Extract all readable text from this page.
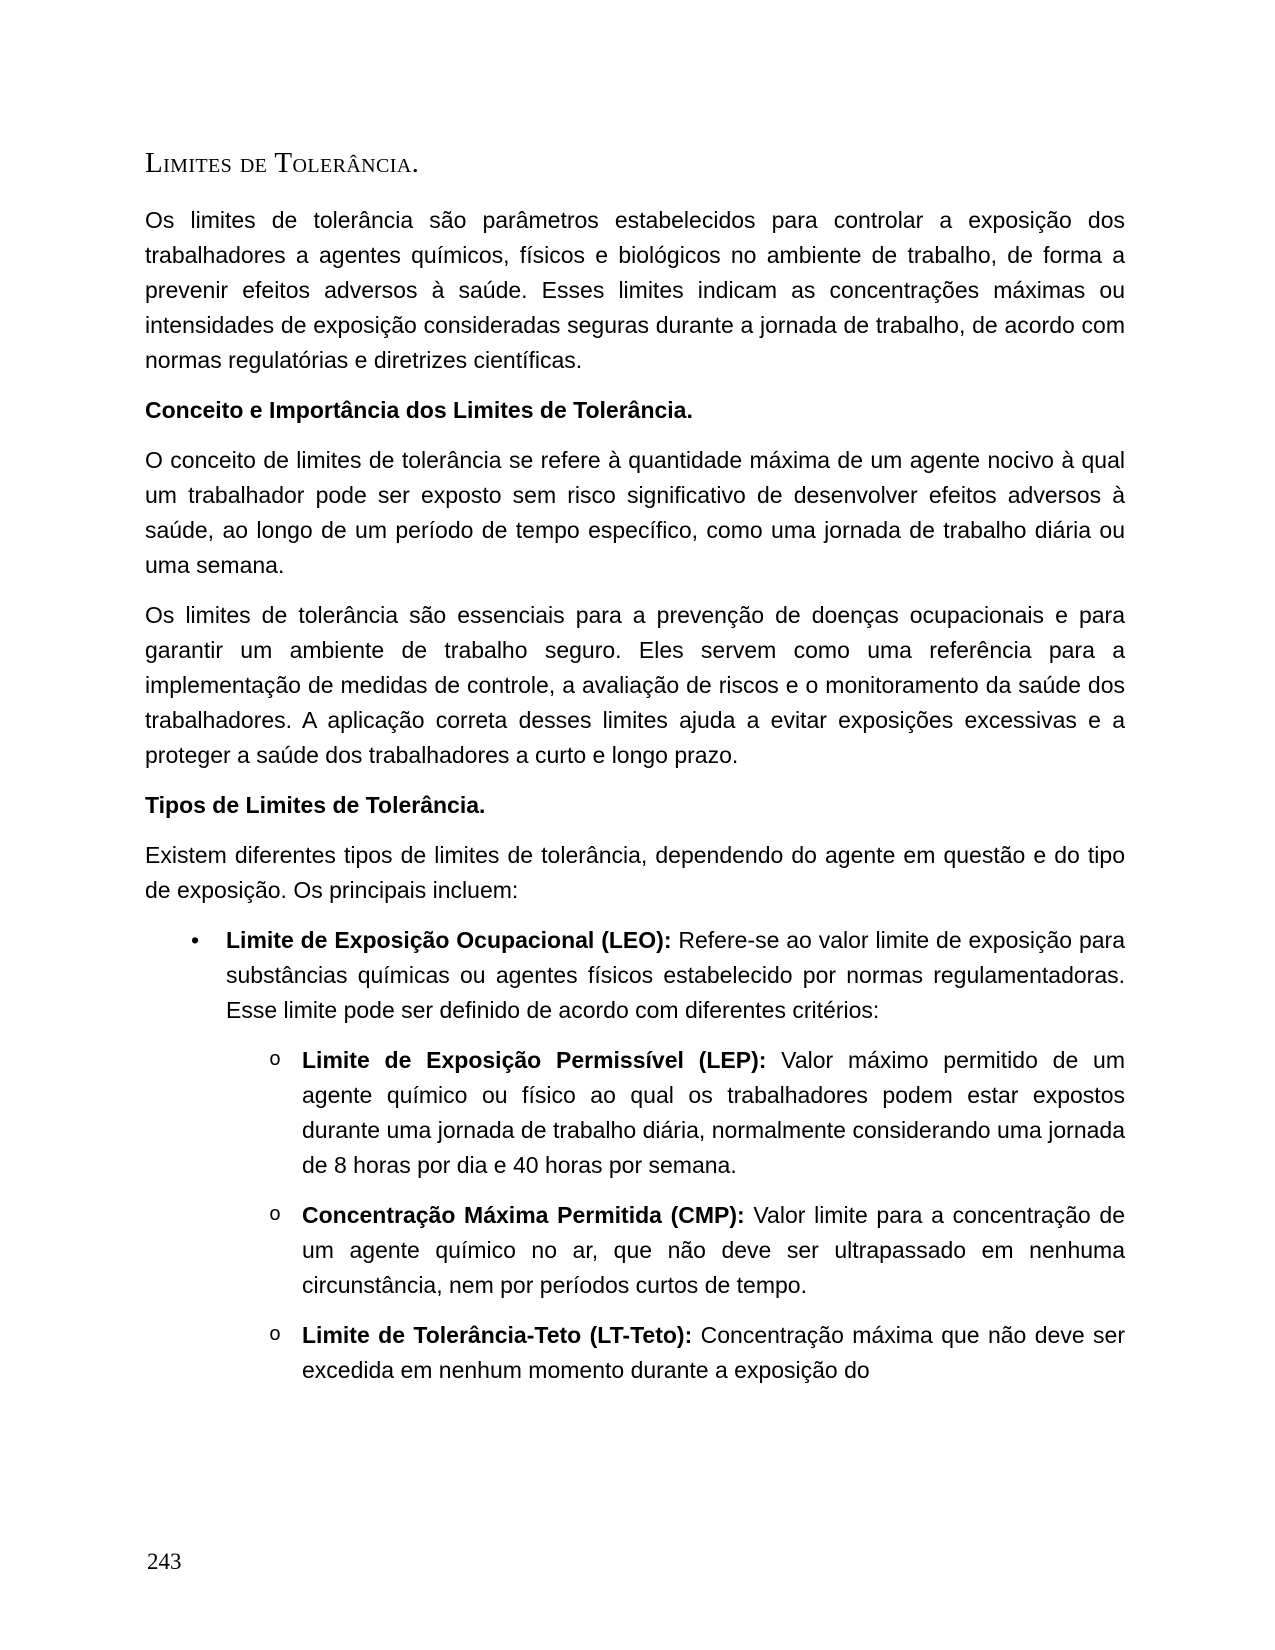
Limites de Tolerância.

Os limites de tolerância são parâmetros estabelecidos para controlar a exposição dos trabalhadores a agentes químicos, físicos e biológicos no ambiente de trabalho, de forma a prevenir efeitos adversos à saúde. Esses limites indicam as concentrações máximas ou intensidades de exposição consideradas seguras durante a jornada de trabalho, de acordo com normas regulatórias e diretrizes científicas.

Conceito e Importância dos Limites de Tolerância.

O conceito de limites de tolerância se refere à quantidade máxima de um agente nocivo à qual um trabalhador pode ser exposto sem risco significativo de desenvolver efeitos adversos à saúde, ao longo de um período de tempo específico, como uma jornada de trabalho diária ou uma semana.

Os limites de tolerância são essenciais para a prevenção de doenças ocupacionais e para garantir um ambiente de trabalho seguro. Eles servem como uma referência para a implementação de medidas de controle, a avaliação de riscos e o monitoramento da saúde dos trabalhadores. A aplicação correta desses limites ajuda a evitar exposições excessivas e a proteger a saúde dos trabalhadores a curto e longo prazo.

Tipos de Limites de Tolerância.

Existem diferentes tipos de limites de tolerância, dependendo do agente em questão e do tipo de exposição. Os principais incluem:

• Limite de Exposição Ocupacional (LEO): Refere-se ao valor limite de exposição para substâncias químicas ou agentes físicos estabelecido por normas regulamentadoras. Esse limite pode ser definido de acordo com diferentes critérios:

o Limite de Exposição Permissível (LEP): Valor máximo permitido de um agente químico ou físico ao qual os trabalhadores podem estar expostos durante uma jornada de trabalho diária, normalmente considerando uma jornada de 8 horas por dia e 40 horas por semana.

o Concentração Máxima Permitida (CMP): Valor limite para a concentração de um agente químico no ar, que não deve ser ultrapassado em nenhuma circunstância, nem por períodos curtos de tempo.

o Limite de Tolerância-Teto (LT-Teto): Concentração máxima que não deve ser excedida em nenhum momento durante a exposição do

243
